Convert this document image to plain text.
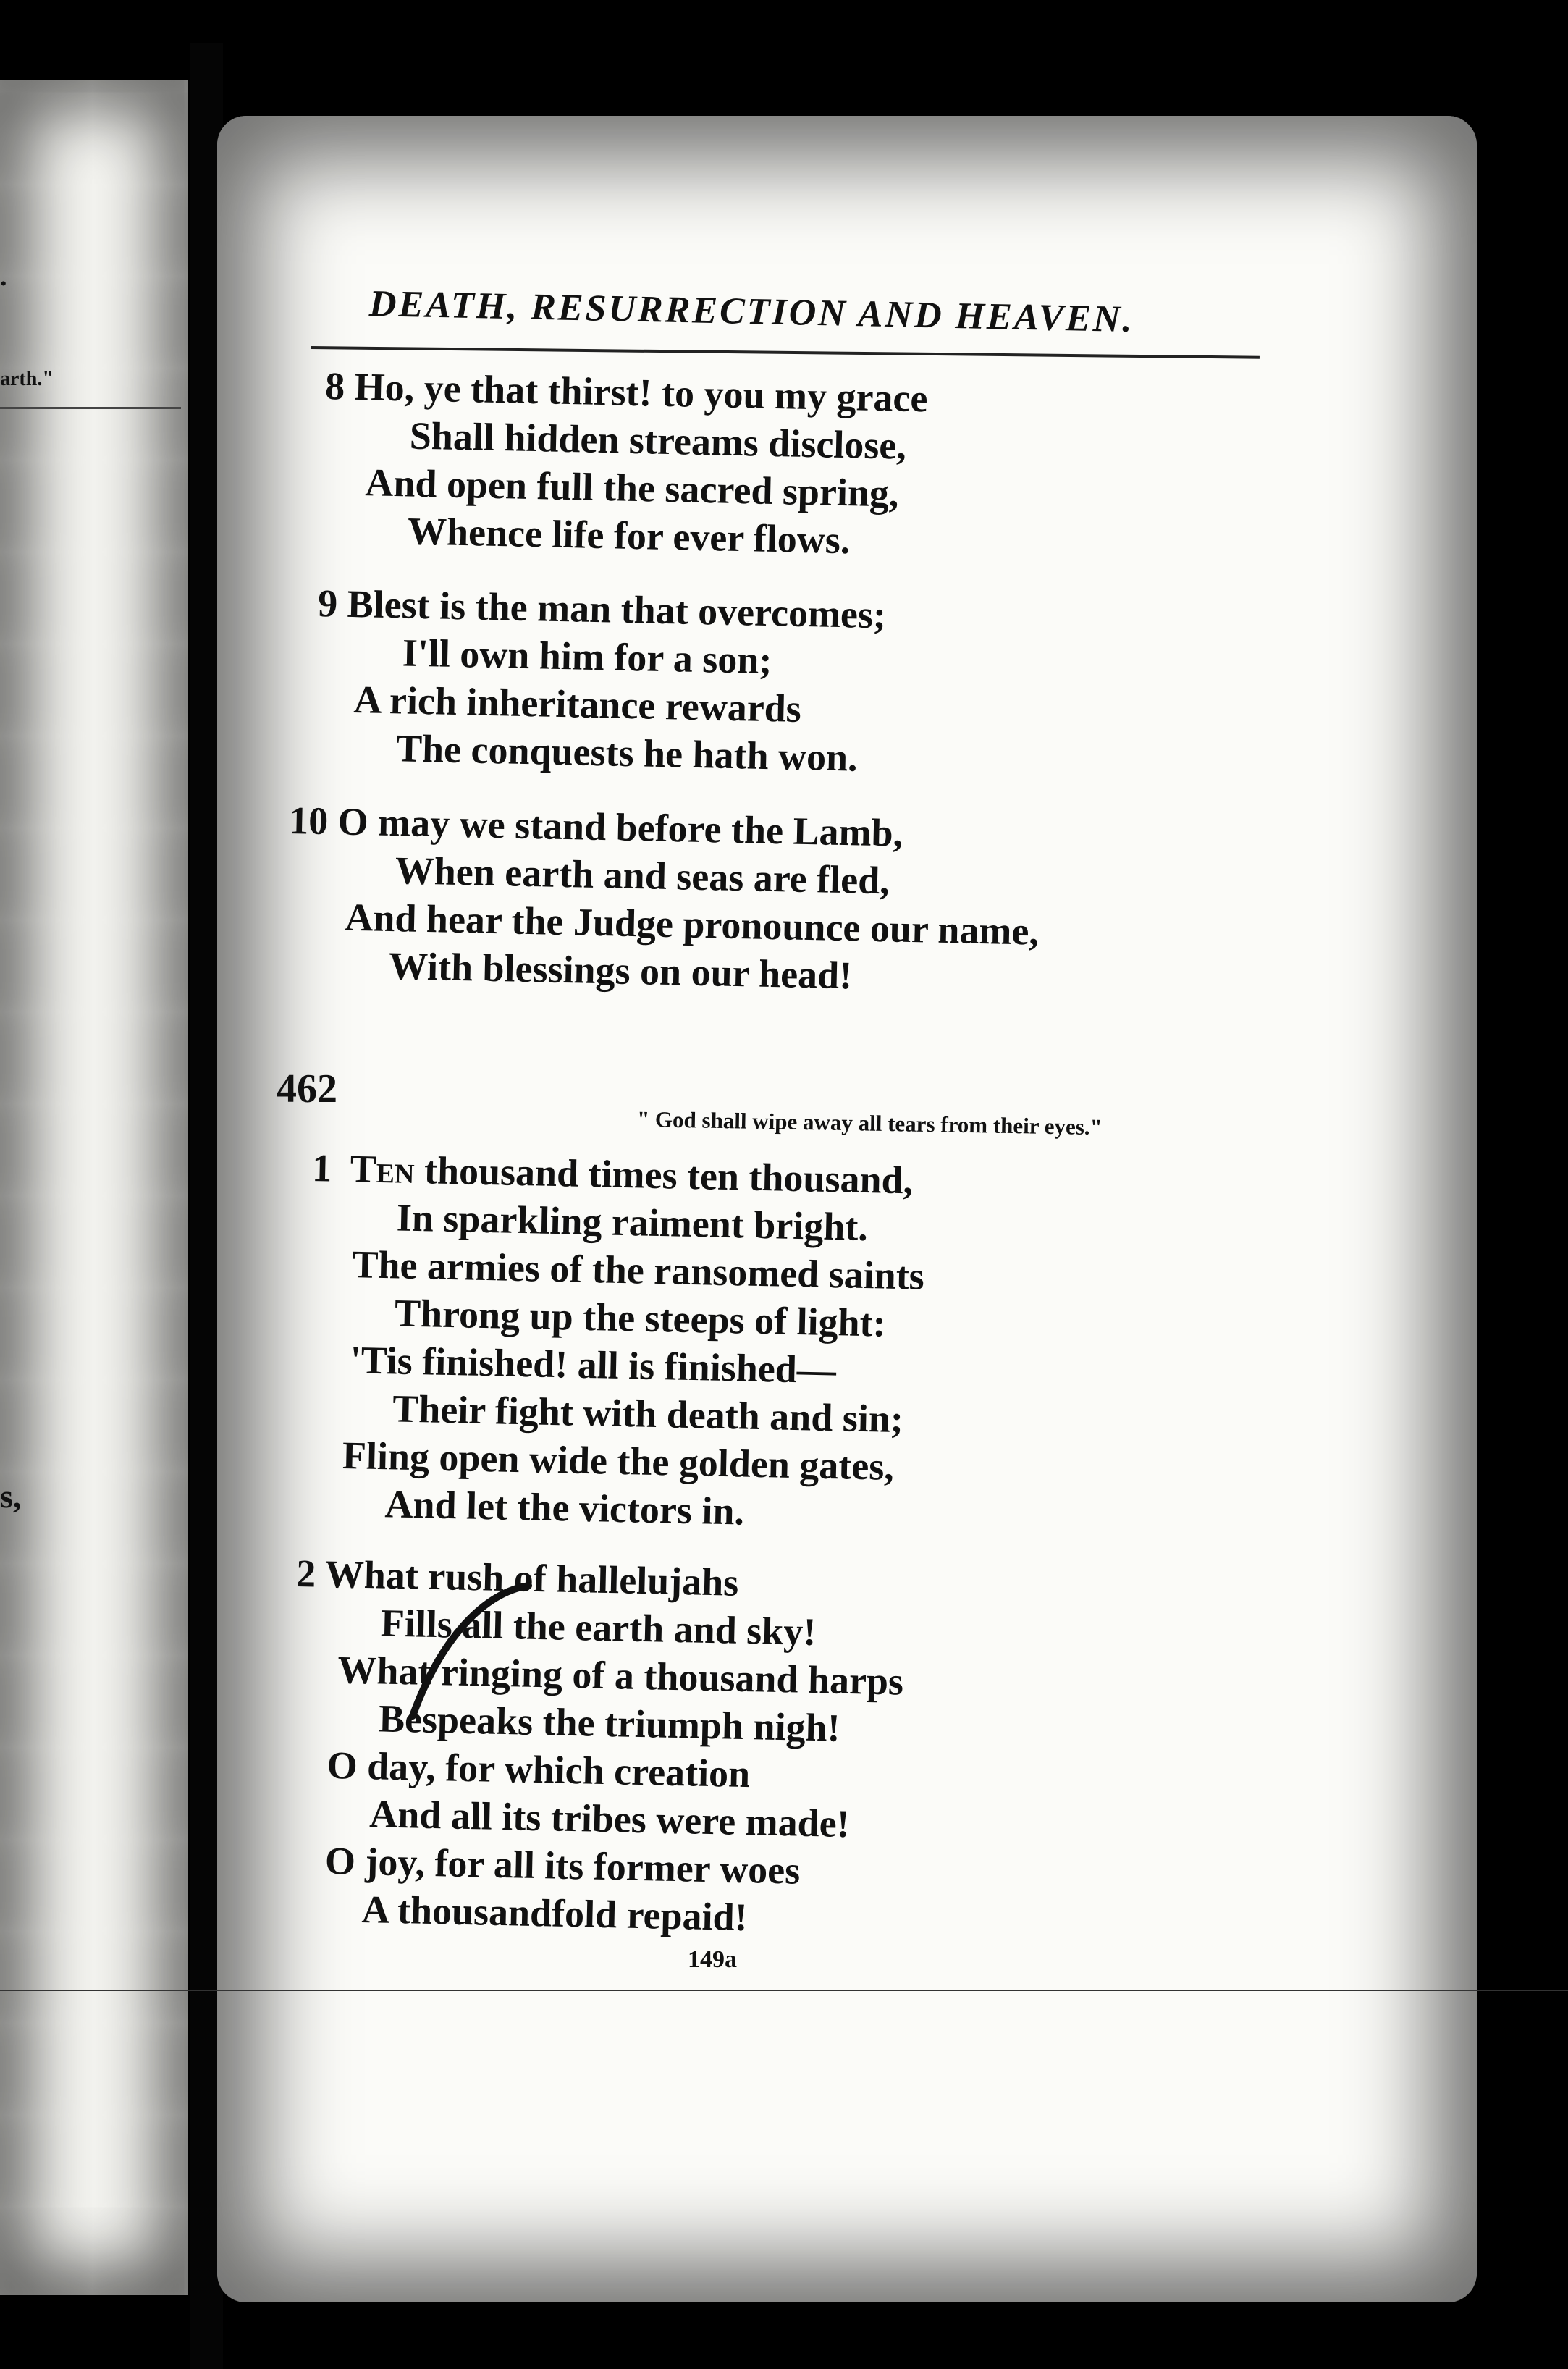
.
arth."
s,
DEATH, RESURRECTION AND HEAVEN.
8 Ho, ye that thirst! to you my grace
Shall hidden streams disclose,
And open full the sacred spring,
Whence life for ever flows.
9 Blest is the man that overcomes;
I'll own him for a son;
A rich inheritance rewards
The conquests he hath won.
10 O may we stand before the Lamb,
When earth and seas are fled,
And hear the Judge pronounce our name,
With blessings on our head!
462
" God shall wipe away all tears from their eyes."
1 Ten thousand times ten thousand,
In sparkling raiment bright.
The armies of the ransomed saints
Throng up the steeps of light:
'Tis finished! all is finished—
Their fight with death and sin;
Fling open wide the golden gates,
And let the victors in.
2 What rush of hallelujahs
Fills all the earth and sky!
What ringing of a thousand harps
Bespeaks the triumph nigh!
O day, for which creation
And all its tribes were made!
O joy, for all its former woes
A thousandfold repaid!
149a
